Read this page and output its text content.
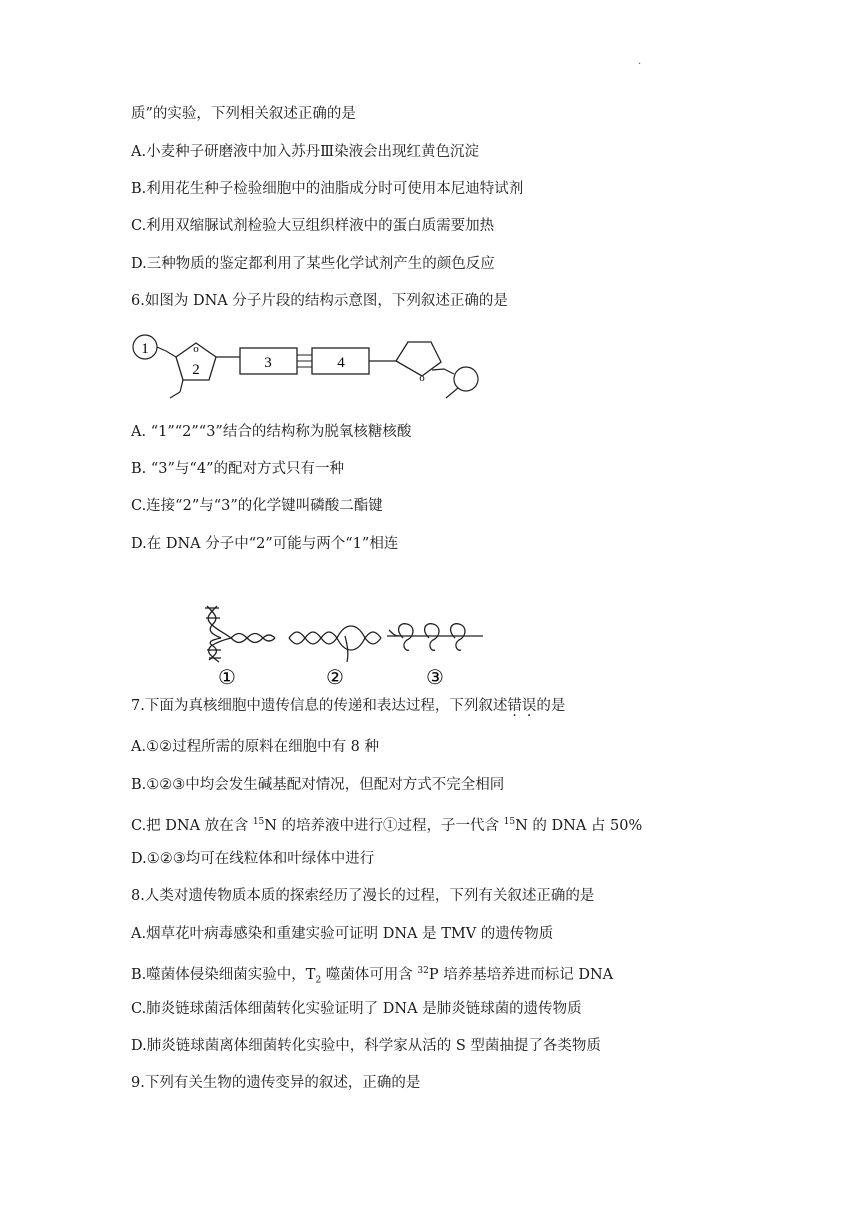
.
质”的实验，下列相关叙述正确的是
A.小麦种子研磨液中加入苏丹Ⅲ染液会出现红黄色沉淀
B.利用花生种子检验细胞中的油脂成分时可使用本尼迪特试剂
C.利用双缩脲试剂检验大豆组织样液中的蛋白质需要加热
D.三种物质的鉴定都利用了某些化学试剂产生的颜色反应
6.如图为 DNA 分子片段的结构示意图，下列叙述正确的是
1	o
2	3	4
o
A. “1”“2”“3”结合的结构称为脱氧核糖核酸
B. “3”与“4”的配对方式只有一种
C.连接“2”与“3”的化学键叫磷酸二酯键
D.在 DNA 分子中“2”可能与两个“1”相连
①	②	③
7.下面为真核细胞中遗传信息的传递和表达过程，下列叙述错误的是
A.①②过程所需的原料在细胞中有 8 种
B.①②③中均会发生碱基配对情况，但配对方式不完全相同
C.把 DNA 放在含 $^{15}$N 的培养液中进行①过程，子一代含 $^{15}$N 的 DNA 占 50%
D.①②③均可在线粒体和叶绿体中进行
8.人类对遗传物质本质的探索经历了漫长的过程，下列有关叙述正确的是
A.烟草花叶病毒感染和重建实验可证明 DNA 是 TMV 的遗传物质
B.噬菌体侵染细菌实验中，$T_2$ 噬菌体可用含 $^{32}$P 培养基培养进而标记 DNA
C.肺炎链球菌活体细菌转化实验证明了 DNA 是肺炎链球菌的遗传物质
D.肺炎链球菌离体细菌转化实验中，科学家从活的 S 型菌抽提了各类物质
9.下列有关生物的遗传变异的叙述，正确的是
